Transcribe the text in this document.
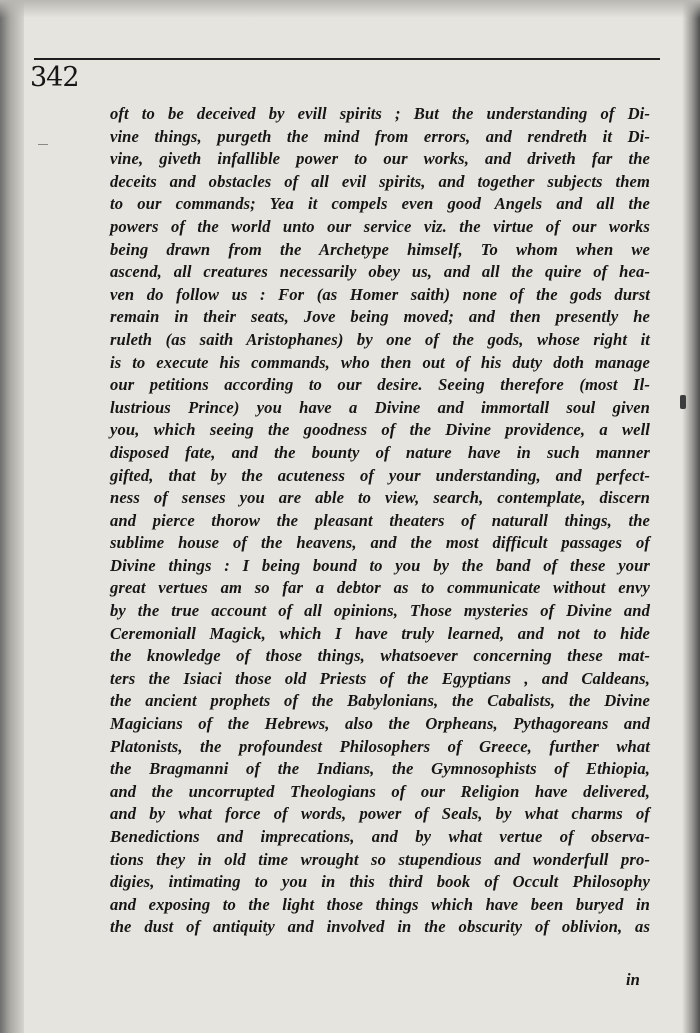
342
oft to be deceived by evill spirits ; But the understanding of Di-
vine things, purgeth the mind from errors, and rendreth it Di-
vine, giveth infallible power to our works, and driveth far the
deceits and obstacles of all evil spirits, and together subjects them
to our commands; Yea it compels even good Angels and all the
powers of the world unto our service viz. the virtue of our works
being drawn from the Archetype himself, To whom when we
ascend, all creatures necessarily obey us, and all the quire of hea-
ven do follow us : For (as Homer saith) none of the gods durst
remain in their seats, Jove being moved; and then presently he
ruleth (as saith Aristophanes) by one of the gods, whose right it
is to execute his commands, who then out of his duty doth manage
our petitions according to our desire. Seeing therefore (most Il-
lustrious Prince) you have a Divine and immortall soul given
you, which seeing the goodness of the Divine providence, a well
disposed fate, and the bounty of nature have in such manner
gifted, that by the acuteness of your understanding, and perfect-
ness of senses you are able to view, search, contemplate, discern
and pierce thorow the pleasant theaters of naturall things, the
sublime house of the heavens, and the most difficult passages of
Divine things : I being bound to you by the band of these your
great vertues am so far a debtor as to communicate without envy
by the true account of all opinions, Those mysteries of Divine and
Ceremoniall Magick, which I have truly learned, and not to hide
the knowledge of those things, whatsoever concerning these mat-
ters the Isiaci those old Priests of the Egyptians , and Caldeans,
the ancient prophets of the Babylonians, the Cabalists, the Divine
Magicians of the Hebrews, also the Orpheans, Pythagoreans and
Platonists, the profoundest Philosophers of Greece, further what
the Bragmanni of the Indians, the Gymnosophists of Ethiopia,
and the uncorrupted Theologians of our Religion have delivered,
and by what force of words, power of Seals, by what charms of
Benedictions and imprecations, and by what vertue of observa-
tions they in old time wrought so stupendious and wonderfull pro-
digies, intimating to you in this third book of Occult Philosophy
and exposing to the light those things which have been buryed in
the dust of antiquity and involved in the obscurity of oblivion, as
in
